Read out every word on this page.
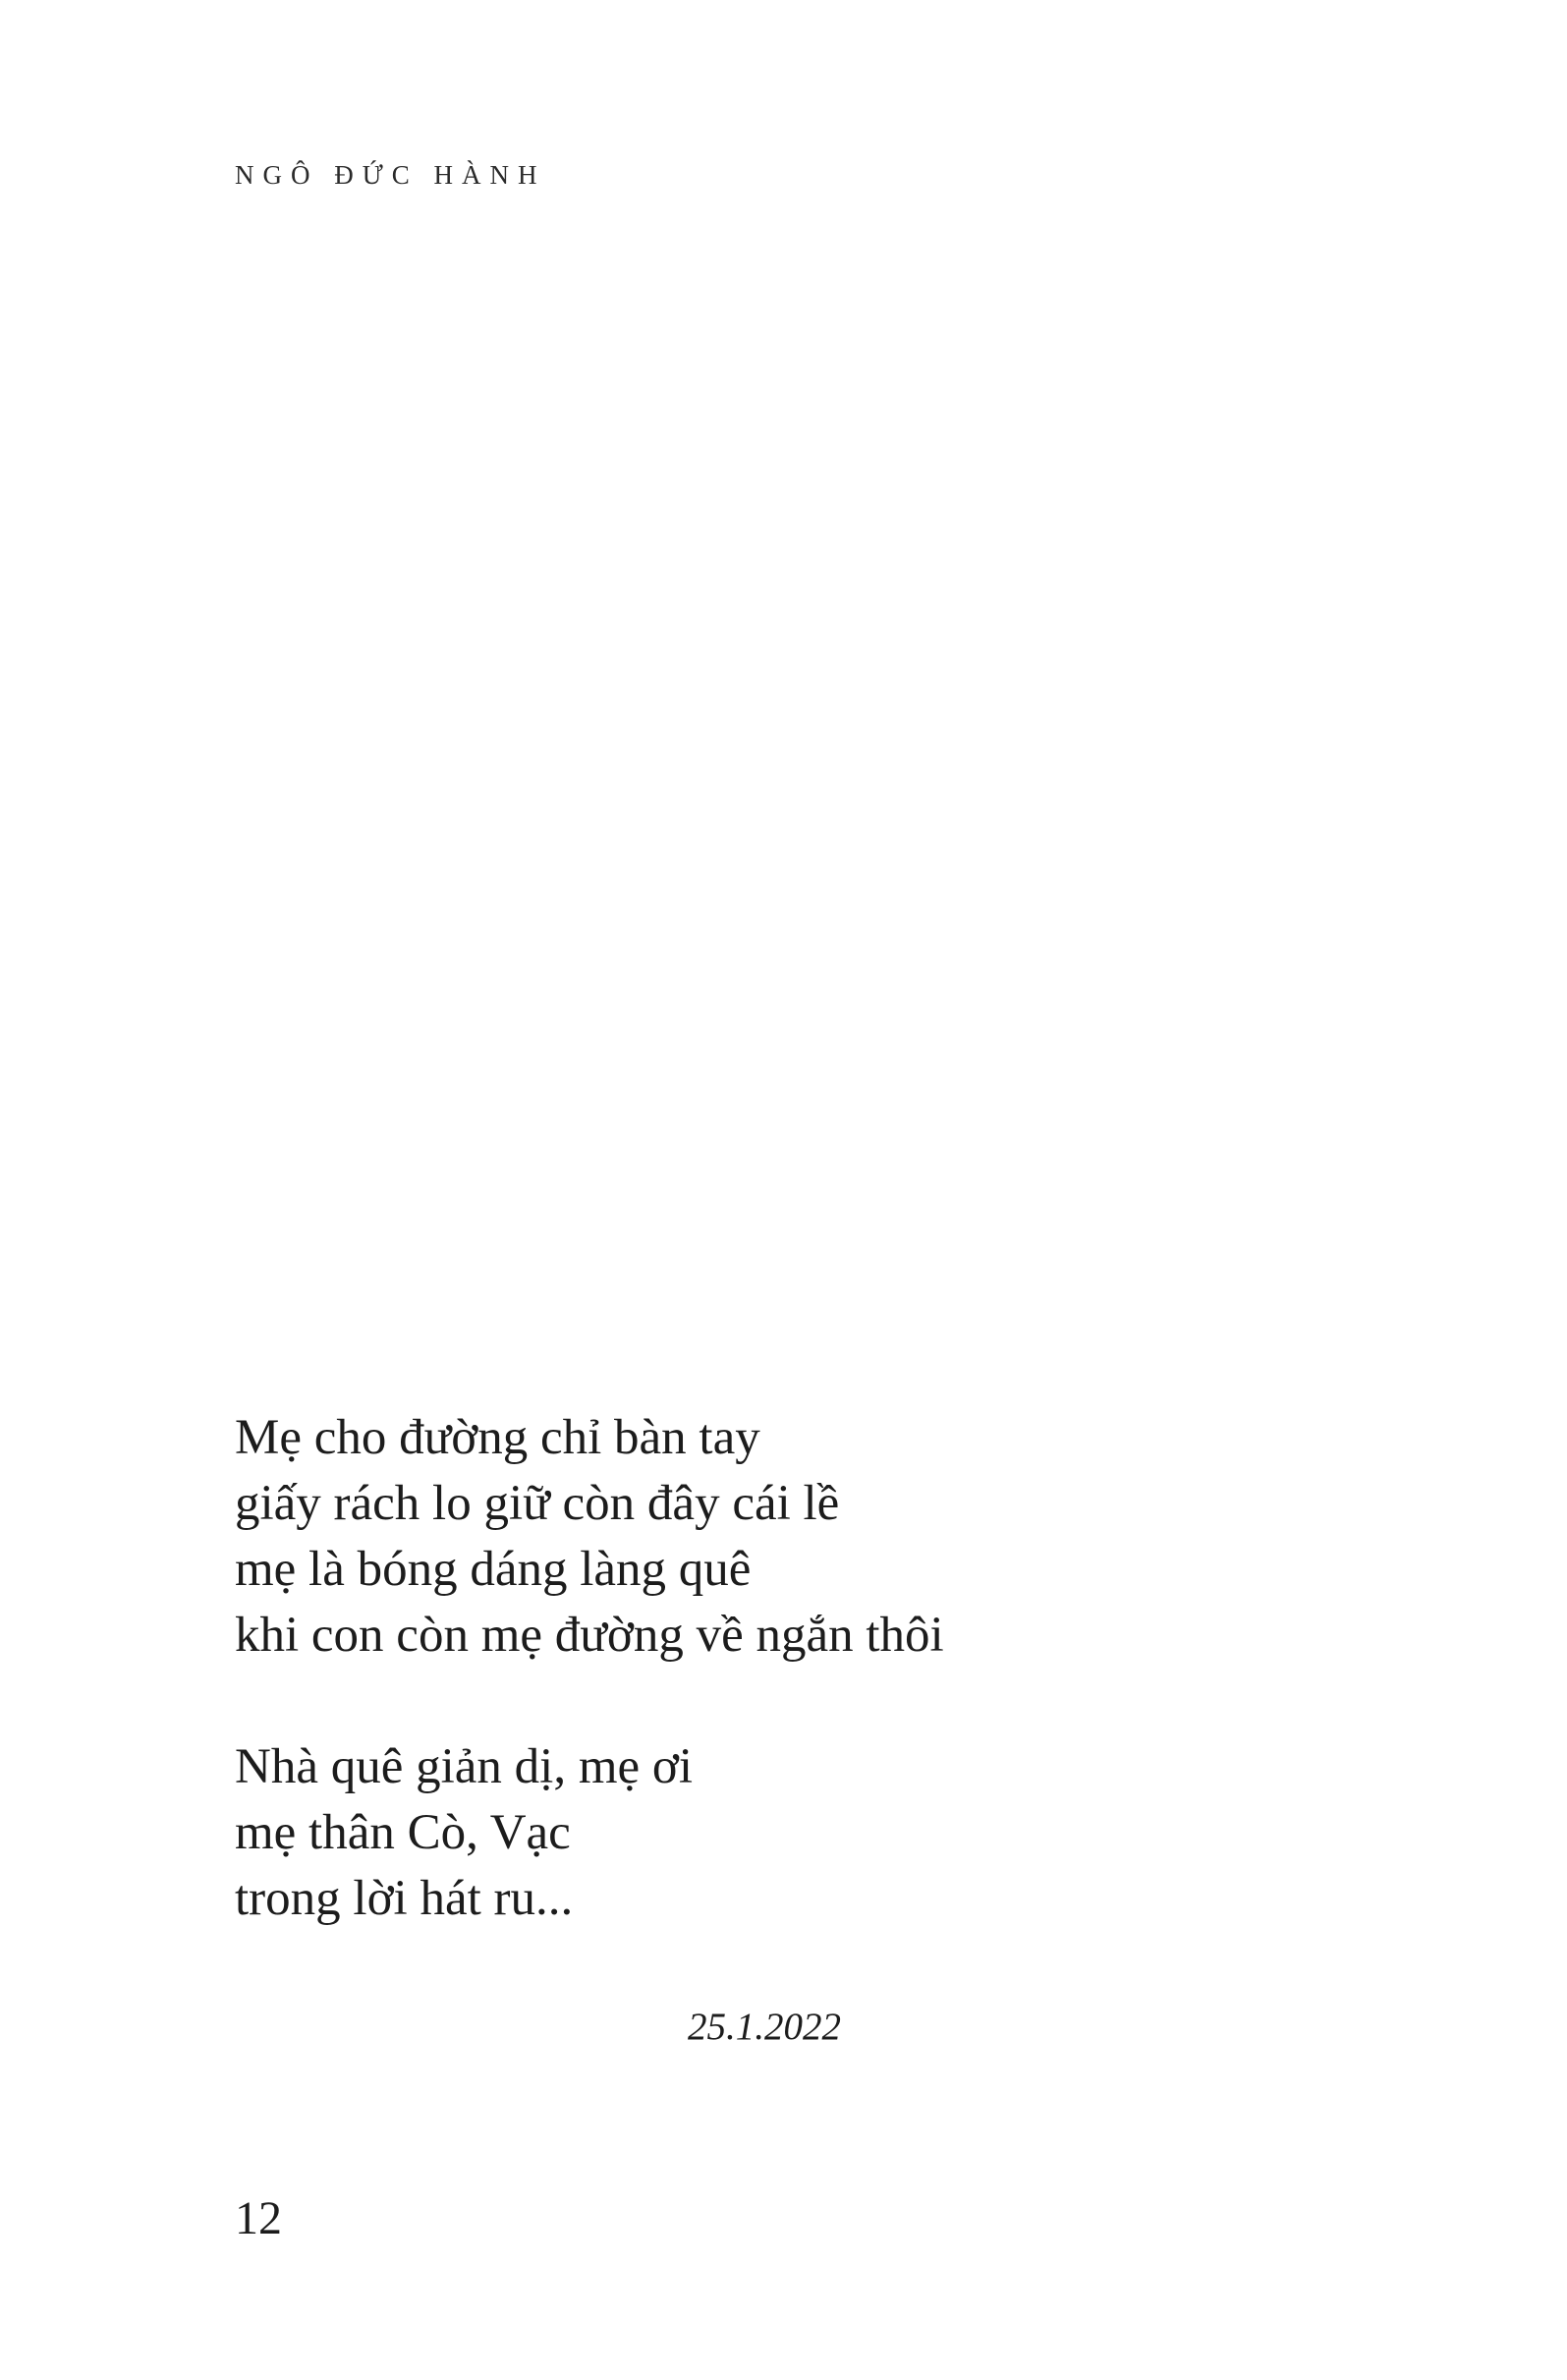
NGÔ ĐỨC HÀNH
Mẹ cho đường chỉ bàn tay
giấy rách lo giữ còn đây cái lề
mẹ là bóng dáng làng quê
khi con còn mẹ đường về ngắn thôi
Nhà quê giản dị, mẹ ơi
mẹ thân Cò, Vạc
trong lời hát ru...
25.1.2022
12
